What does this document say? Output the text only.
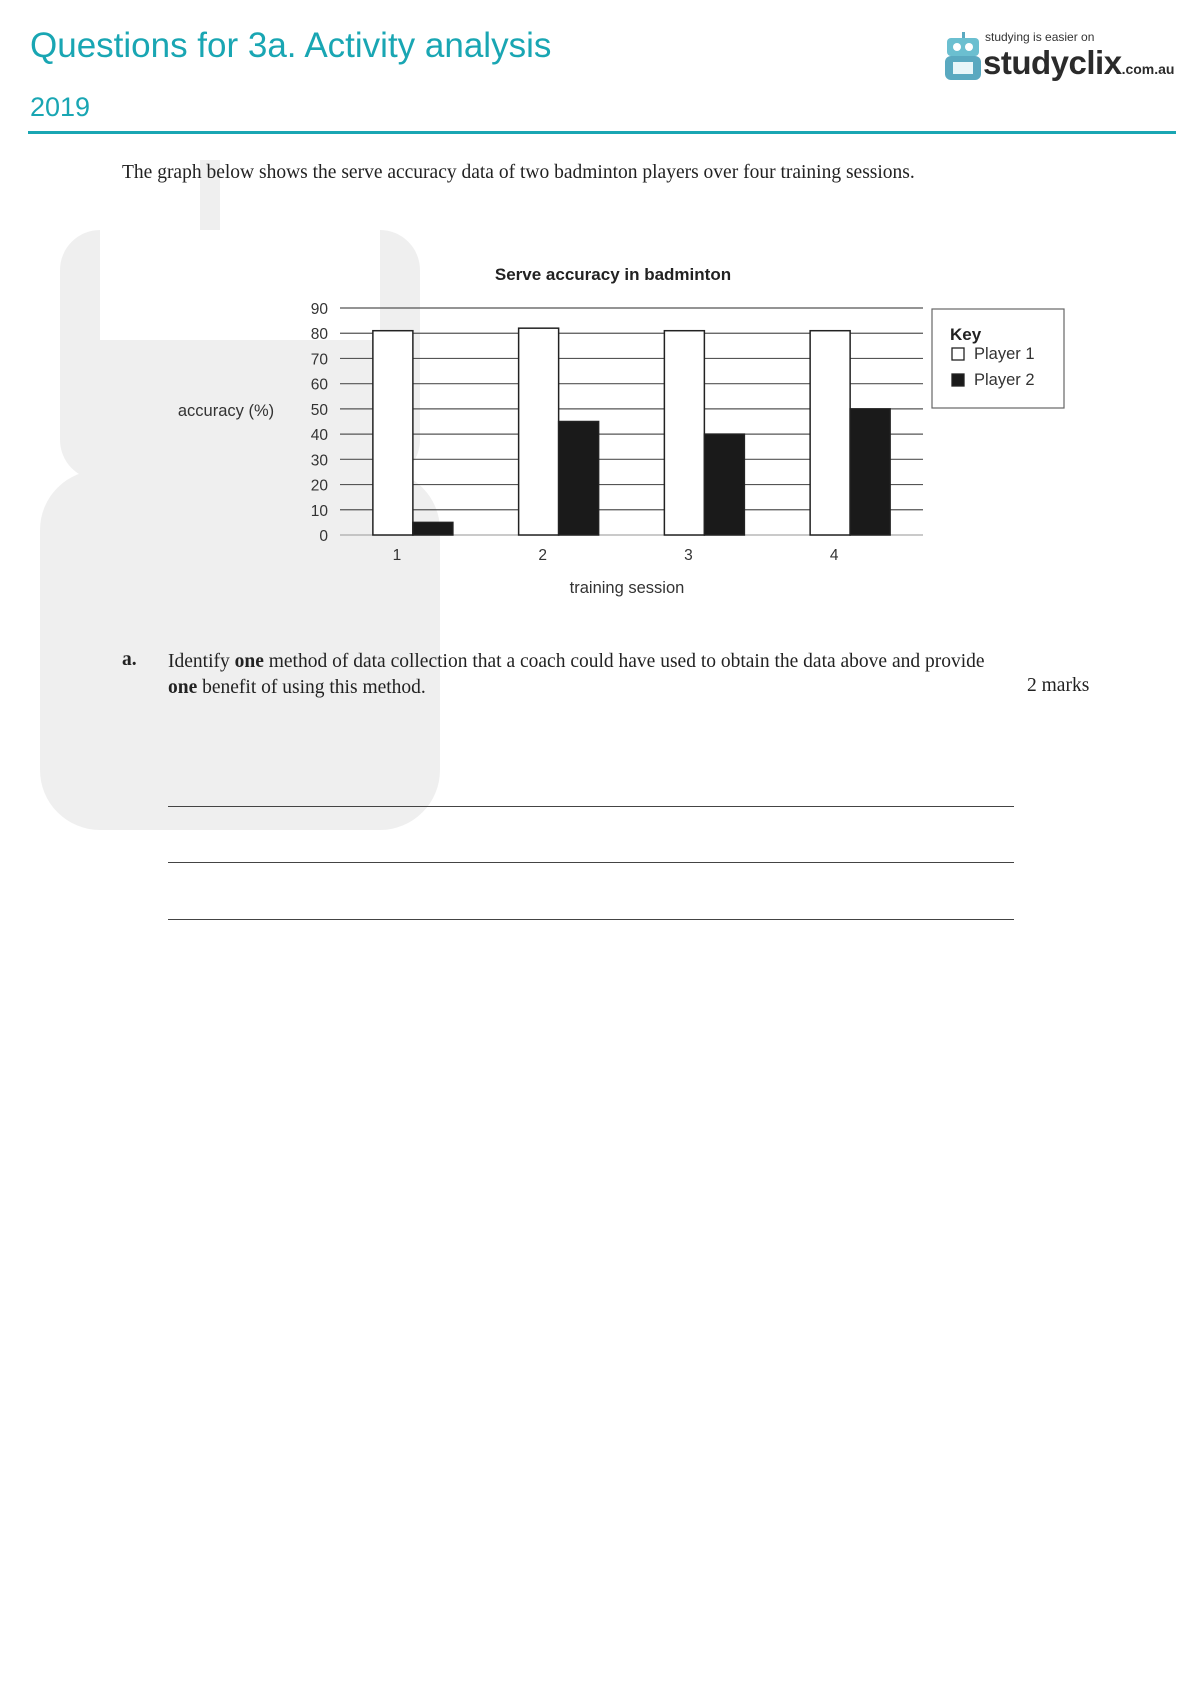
Questions for 3a. Activity analysis
2019
studying is easier on
studyclix.com.au
The graph below shows the serve accuracy data of two badminton players over four training sessions.
Serve accuracy in badminton
0
10
20
30
40
50
60
70
80
90
accuracy (%)
1	2	3	4
training session
Key
Player 1
Player 2
a. Identify one method of data collection that a coach could have used to obtain the data above and provide one benefit of using this method.	2 marks
